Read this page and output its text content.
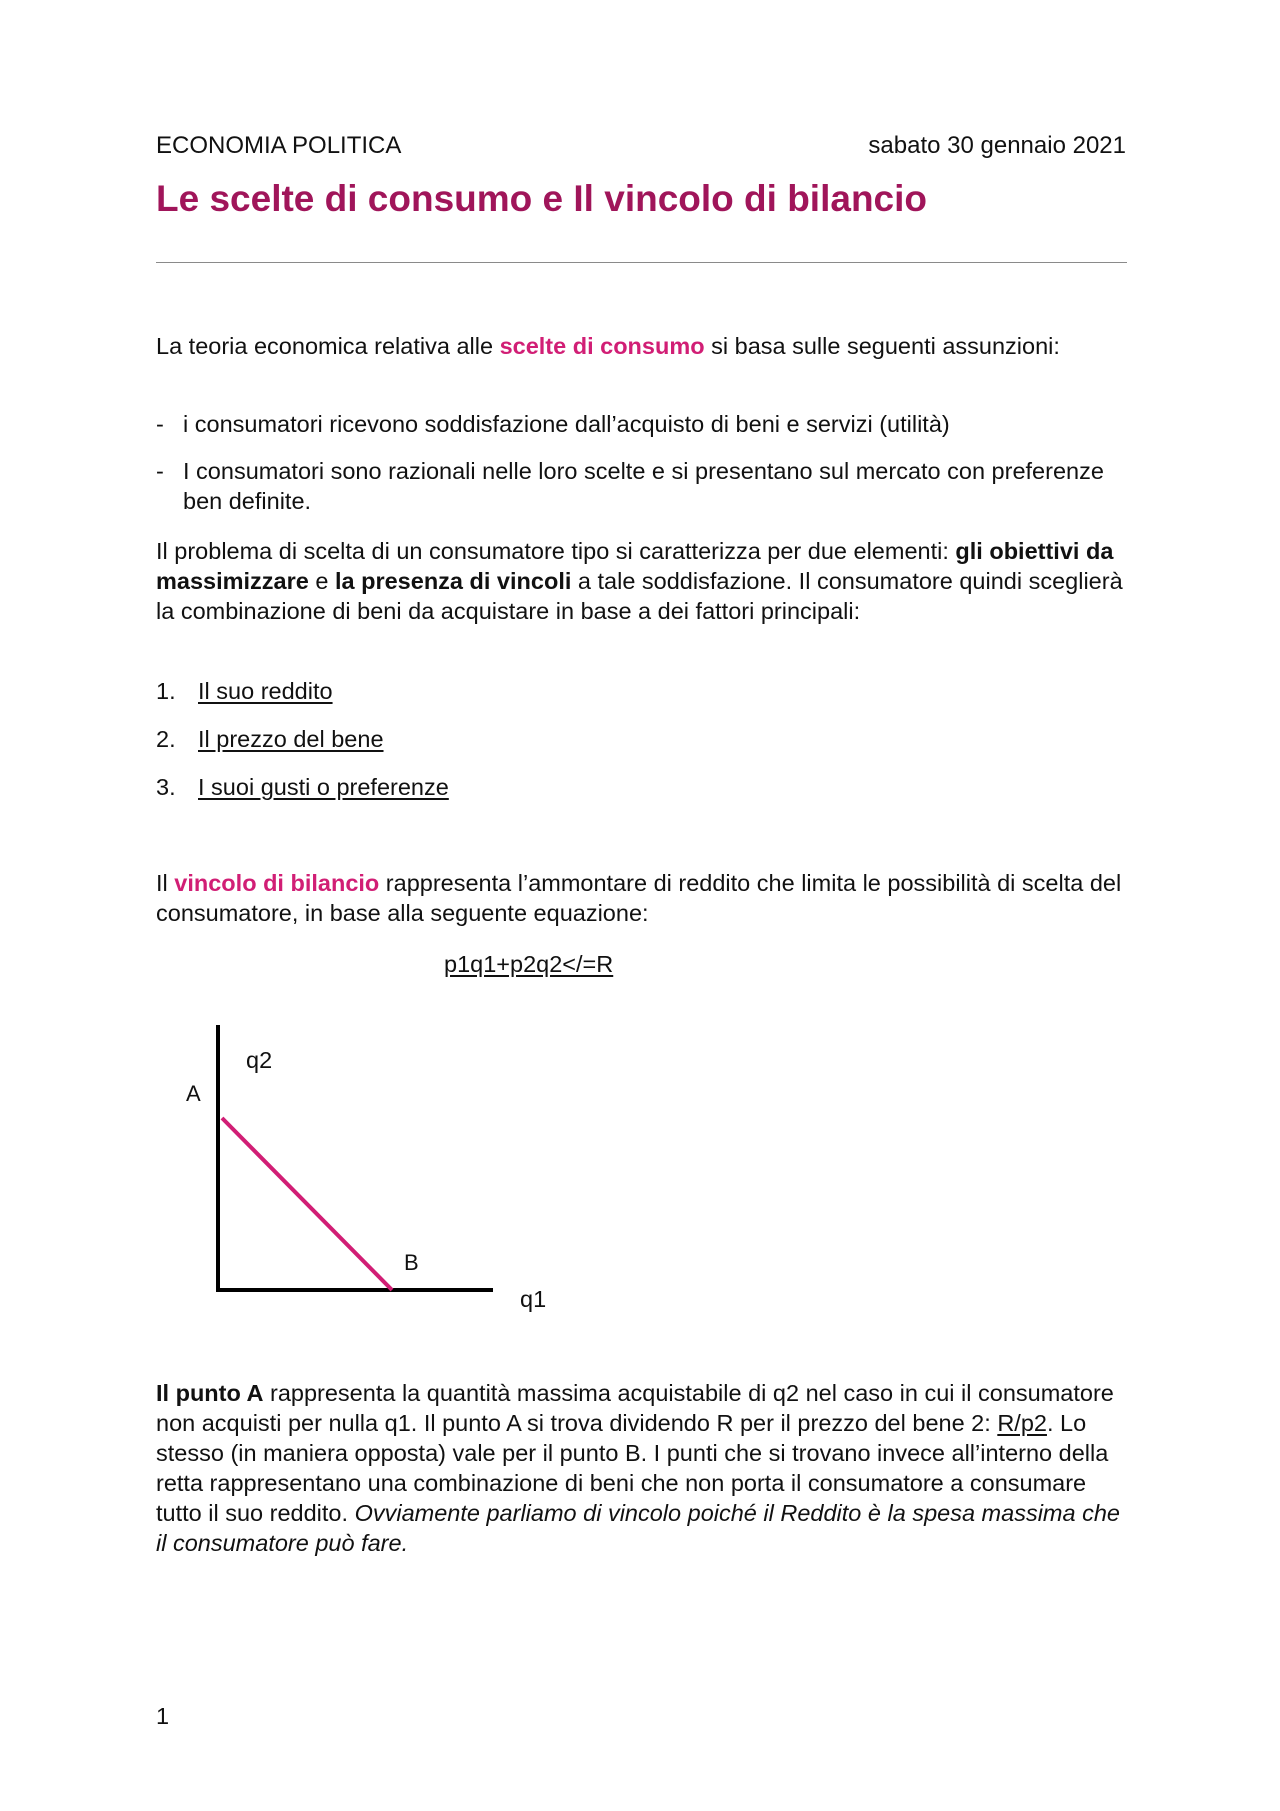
ECONOMIA POLITICA	sabato 30 gennaio 2021
Le scelte di consumo e Il vincolo di bilancio

La teoria economica relativa alle scelte di consumo si basa sulle seguenti assunzioni:

- i consumatori ricevono soddisfazione dall’acquisto di beni e servizi (utilità)
- I consumatori sono razionali nelle loro scelte e si presentano sul mercato con preferenze ben definite.

Il problema di scelta di un consumatore tipo si caratterizza per due elementi: gli obiettivi da massimizzare e la presenza di vincoli a tale soddisfazione. Il consumatore quindi sceglierà la combinazione di beni da acquistare in base a dei fattori principali:

1. Il suo reddito
2. Il prezzo del bene
3. I suoi gusti o preferenze

Il vincolo di bilancio rappresenta l’ammontare di reddito che limita le possibilità di scelta del consumatore, in base alla seguente equazione:

p1q1+p2q2</=R
q2
A
B
q1

Il punto A rappresenta la quantità massima acquistabile di q2 nel caso in cui il consumatore non acquisti per nulla q1. Il punto A si trova dividendo R per il prezzo del bene 2: R/p2. Lo stesso (in maniera opposta) vale per il punto B. I punti che si trovano invece all’interno della retta rappresentano una combinazione di beni che non porta il consumatore a consumare tutto il suo reddito. Ovviamente parliamo di vincolo poiché il Reddito è la spesa massima che il consumatore può fare.

1
